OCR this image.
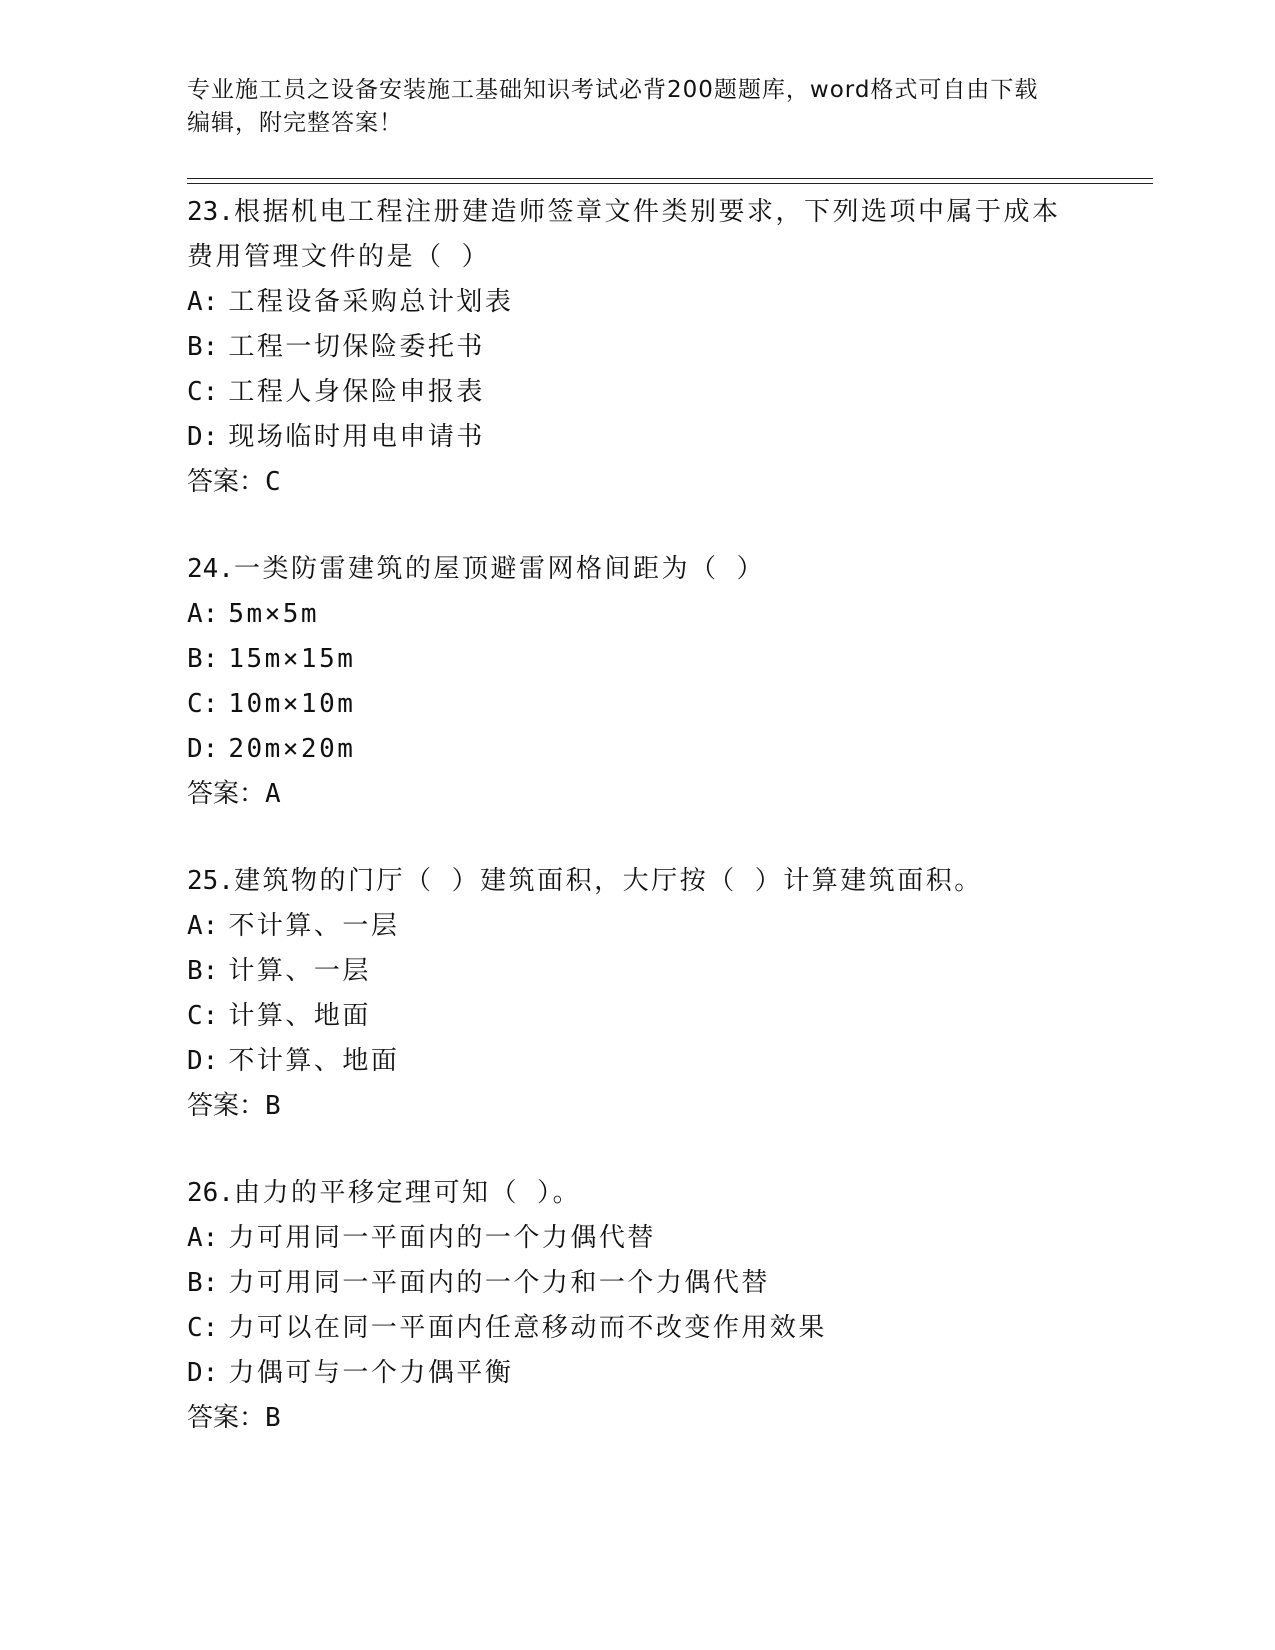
专业施工员之设备安装施工基础知识考试必背200题题库，word格式可自由下载
编辑，附完整答案！
23.根据机电工程注册建造师签章文件类别要求，下列选项中属于成本
费用管理文件的是（ ）
A: 工程设备采购总计划表
B: 工程一切保险委托书
C: 工程人身保险申报表
D: 现场临时用电申请书
答案：C
24.一类防雷建筑的屋顶避雷网格间距为（ ）
A: 5m×5m
B: 15m×15m
C: 10m×10m
D: 20m×20m
答案：A
25.建筑物的门厅（ ）建筑面积，大厅按（ ）计算建筑面积。
A: 不计算、一层
B: 计算、一层
C: 计算、地面
D: 不计算、地面
答案：B
26.由力的平移定理可知（ ）。
A: 力可用同一平面内的一个力偶代替
B: 力可用同一平面内的一个力和一个力偶代替
C: 力可以在同一平面内任意移动而不改变作用效果
D: 力偶可与一个力偶平衡
答案：B
